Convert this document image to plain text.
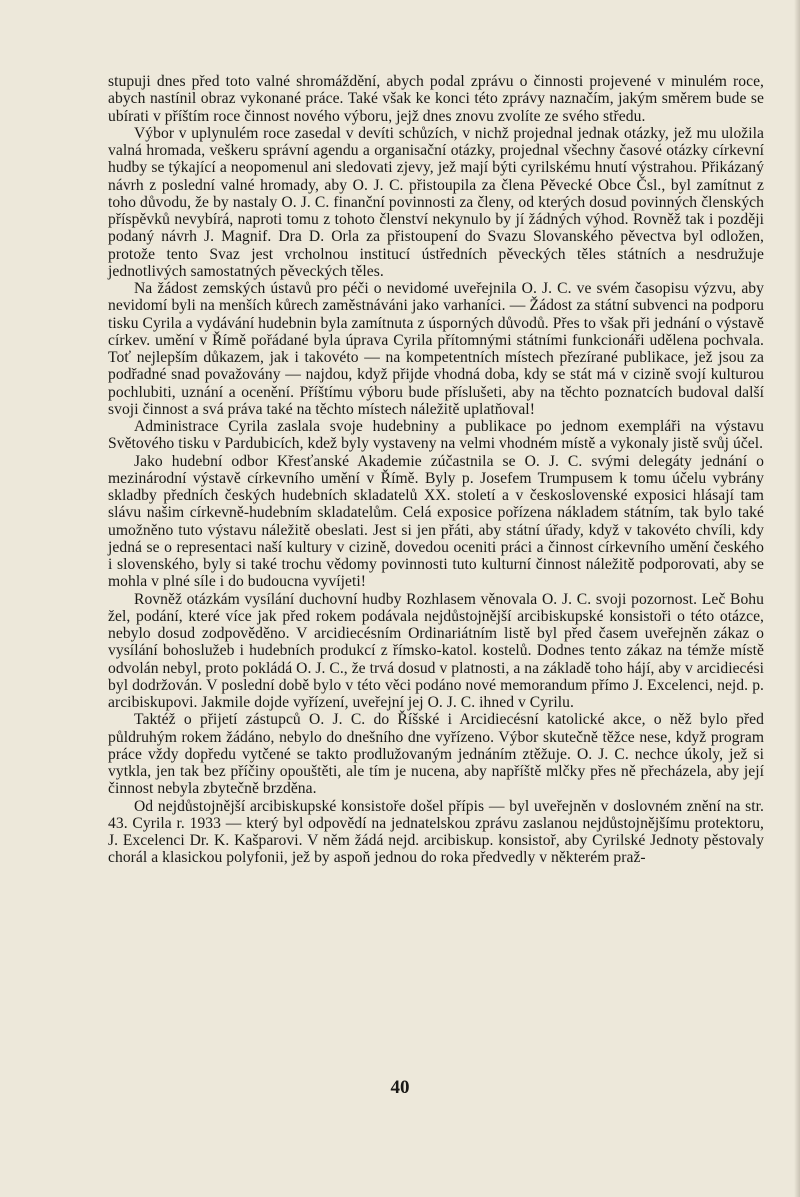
stupuji dnes před toto valné shromáždění, abych podal zprávu o činnosti projevené v minulém roce, abych nastínil obraz vykonané práce. Také však ke konci této zprávy naznačím, jakým směrem bude se ubírati v příštím roce činnost nového výboru, jejž dnes znovu zvolíte ze svého středu.

Výbor v uplynulém roce zasedal v devíti schůzích, v nichž projednal jednak otázky, jež mu uložila valná hromada, veškeru správní agendu a organisační otázky, projednal všechny časové otázky církevní hudby se týkající a neopomenul ani sledovati zjevy, jež mají býti cyrilskému hnutí výstrahou. Přikázaný návrh z poslední valné hromady, aby O. J. C. přistoupila za člena Pěvecké Obce Čsl., byl zamítnut z toho důvodu, že by nastaly O. J. C. finanční povinnosti za členy, od kterých dosud povinných členských příspěvků nevybírá, naproti tomu z tohoto členství nekynulo by jí žádných výhod. Rovněž tak i později podaný návrh J. Magnif. Dra D. Orla za přistoupení do Svazu Slovanského pěvectva byl odložen, protože tento Svaz jest vrcholnou institucí ústředních pěveckých těles státních a nesdružuje jednotlivých samostatných pěveckých těles.

Na žádost zemských ústavů pro péči o nevidomé uveřejnila O. J. C. ve svém časopisu výzvu, aby nevidomí byli na menších kůrech zaměstnáváni jako varhaníci. — Žádost za státní subvenci na podporu tisku Cyrila a vydávání hudebnin byla zamítnuta z úsporných důvodů. Přes to však při jednání o výstavě církev. umění v Římě pořádané byla úprava Cyrila přítomnými státními funkcionáři udělena pochvala. Toť nejlepším důkazem, jak i takovéto — na kompetentních místech přezírané publikace, jež jsou za podřadné snad považovány — najdou, když přijde vhodná doba, kdy se stát má v cizině svojí kulturou pochlubiti, uznání a ocenění. Příštímu výboru bude příslušeti, aby na těchto poznatcích budoval další svoji činnost a svá práva také na těchto místech náležitě uplatňoval!

Administrace Cyrila zaslala svoje hudebniny a publikace po jednom exempláři na výstavu Světového tisku v Pardubicích, kdež byly vystaveny na velmi vhodném místě a vykonaly jistě svůj účel.

Jako hudební odbor Křesťanské Akademie zúčastnila se O. J. C. svými delegáty jednání o mezinárodní výstavě církevního umění v Římě. Byly p. Josefem Trumpusem k tomu účelu vybrány skladby předních českých hudebních skladatelů XX. století a v československé exposici hlásají tam slávu našim církevně-hudebním skladatelům. Celá exposice pořízena nákladem státním, tak bylo také umožněno tuto výstavu náležitě obeslati. Jest si jen přáti, aby státní úřady, když v takovéto chvíli, kdy jedná se o representaci naší kultury v cizině, dovedou oceniti práci a činnost církevního umění českého i slovenského, byly si také trochu vědomy povinnosti tuto kulturní činnost náležitě podporovati, aby se mohla v plné síle i do budoucna vyvíjeti!

Rovněž otázkám vysílání duchovní hudby Rozhlasem věnovala O. J. C. svoji pozornost. Leč Bohu žel, podání, které více jak před rokem podávala nejdůstojnější arcibiskupské konsistoři o této otázce, nebylo dosud zodpověděno. V arcidiecésním Ordinariátním listě byl před časem uveřejněn zákaz o vysílání bohoslužeb i hudebních produkcí z římsko-katol. kostelů. Dodnes tento zákaz na témže místě odvolán nebyl, proto pokládá O. J. C., že trvá dosud v platnosti, a na základě toho hájí, aby v arcidiecési byl dodržován. V poslední době bylo v této věci podáno nové memorandum přímo J. Excelenci, nejd. p. arcibiskupovi. Jakmile dojde vyřízení, uveřejní jej O. J. C. ihned v Cyrilu.

Taktéž o přijetí zástupců O. J. C. do Říšské i Arcidiecésní katolické akce, o něž bylo před půldruhým rokem žádáno, nebylo do dnešního dne vyřízeno. Výbor skutečně těžce nese, když program práce vždy dopředu vytčené se takto prodlužovaným jednáním ztěžuje. O. J. C. nechce úkoly, jež si vytkla, jen tak bez příčiny opouštěti, ale tím je nucena, aby napříště mlčky přes ně přecházela, aby její činnost nebyla zbytečně brzděna.

Od nejdůstojnější arcibiskupské konsistoře došel přípis — byl uveřejněn v doslovném znění na str. 43. Cyrila r. 1933 — který byl odpovědí na jednatelskou zprávu zaslanou nejdůstojnějšímu protektoru, J. Excelenci Dr. K. Kašparovi. V něm žádá nejd. arcibiskup. konsistoř, aby Cyrilské Jednoty pěstovaly chorál a klasickou polyfonii, jež by aspoň jednou do roka předvedly v některém praž-

40
